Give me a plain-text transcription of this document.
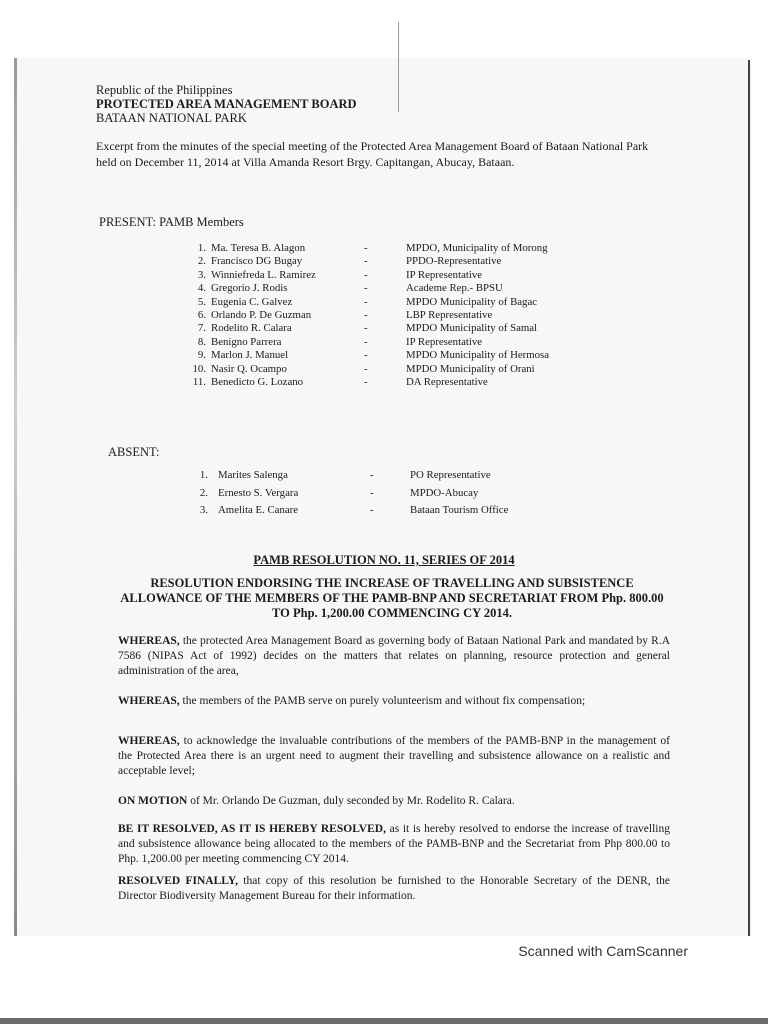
Republic of the Philippines
PROTECTED AREA MANAGEMENT BOARD
BATAAN NATIONAL PARK
Excerpt from the minutes of the special meeting of the Protected Area Management Board of Bataan National Park held on December 11, 2014 at Villa Amanda Resort Brgy. Capitangan, Abucay, Bataan.
PRESENT: PAMB Members
1. Ma. Teresa B. Alagon	-	MPDO, Municipality of Morong
2. Francisco DG Bugay	-	PPDO-Representative
3. Winniefreda L. Ramirez	-	IP Representative
4. Gregorio J. Rodis	-	Academe Rep.- BPSU
5. Eugenia C. Galvez	-	MPDO Municipality of Bagac
6. Orlando P. De Guzman	-	LBP Representative
7. Rodelito R. Calara	-	MPDO Municipality of Samal
8. Benigno Parrera	-	IP Representative
9. Marlon J. Manuel	-	MPDO Municipality of Hermosa
10. Nasir Q. Ocampo	-	MPDO Municipality of Orani
11. Benedicto G. Lozano	-	DA Representative
ABSENT:
1. Marites Salenga	-	PO Representative
2. Ernesto S. Vergara	-	MPDO-Abucay
3. Amelita E. Canare	-	Bataan Tourism Office
PAMB RESOLUTION NO. 11, SERIES OF 2014
RESOLUTION ENDORSING THE INCREASE OF TRAVELLING AND SUBSISTENCE ALLOWANCE OF THE MEMBERS OF THE PAMB-BNP AND SECRETARIAT FROM Php. 800.00 TO Php. 1,200.00 COMMENCING CY 2014.
WHEREAS, the protected Area Management Board as governing body of Bataan National Park and mandated by R.A 7586 (NIPAS Act of 1992) decides on the matters that relates on planning, resource protection and general administration of the area,
WHEREAS, the members of the PAMB serve on purely volunteerism and without fix compensation;
WHEREAS, to acknowledge the invaluable contributions of the members of the PAMB-BNP in the management of the Protected Area there is an urgent need to augment their travelling and subsistence allowance on a realistic and acceptable level;
ON MOTION of Mr. Orlando De Guzman, duly seconded by Mr. Rodelito R. Calara.
BE IT RESOLVED, AS IT IS HEREBY RESOLVED, as it is hereby resolved to endorse the increase of travelling and subsistence allowance being allocated to the members of the PAMB-BNP and the Secretariat from Php 800.00 to Php. 1,200.00 per meeting commencing CY 2014.
RESOLVED FINALLY, that copy of this resolution be furnished to the Honorable Secretary of the DENR, the Director Biodiversity Management Bureau for their information.
Scanned with CamScanner
